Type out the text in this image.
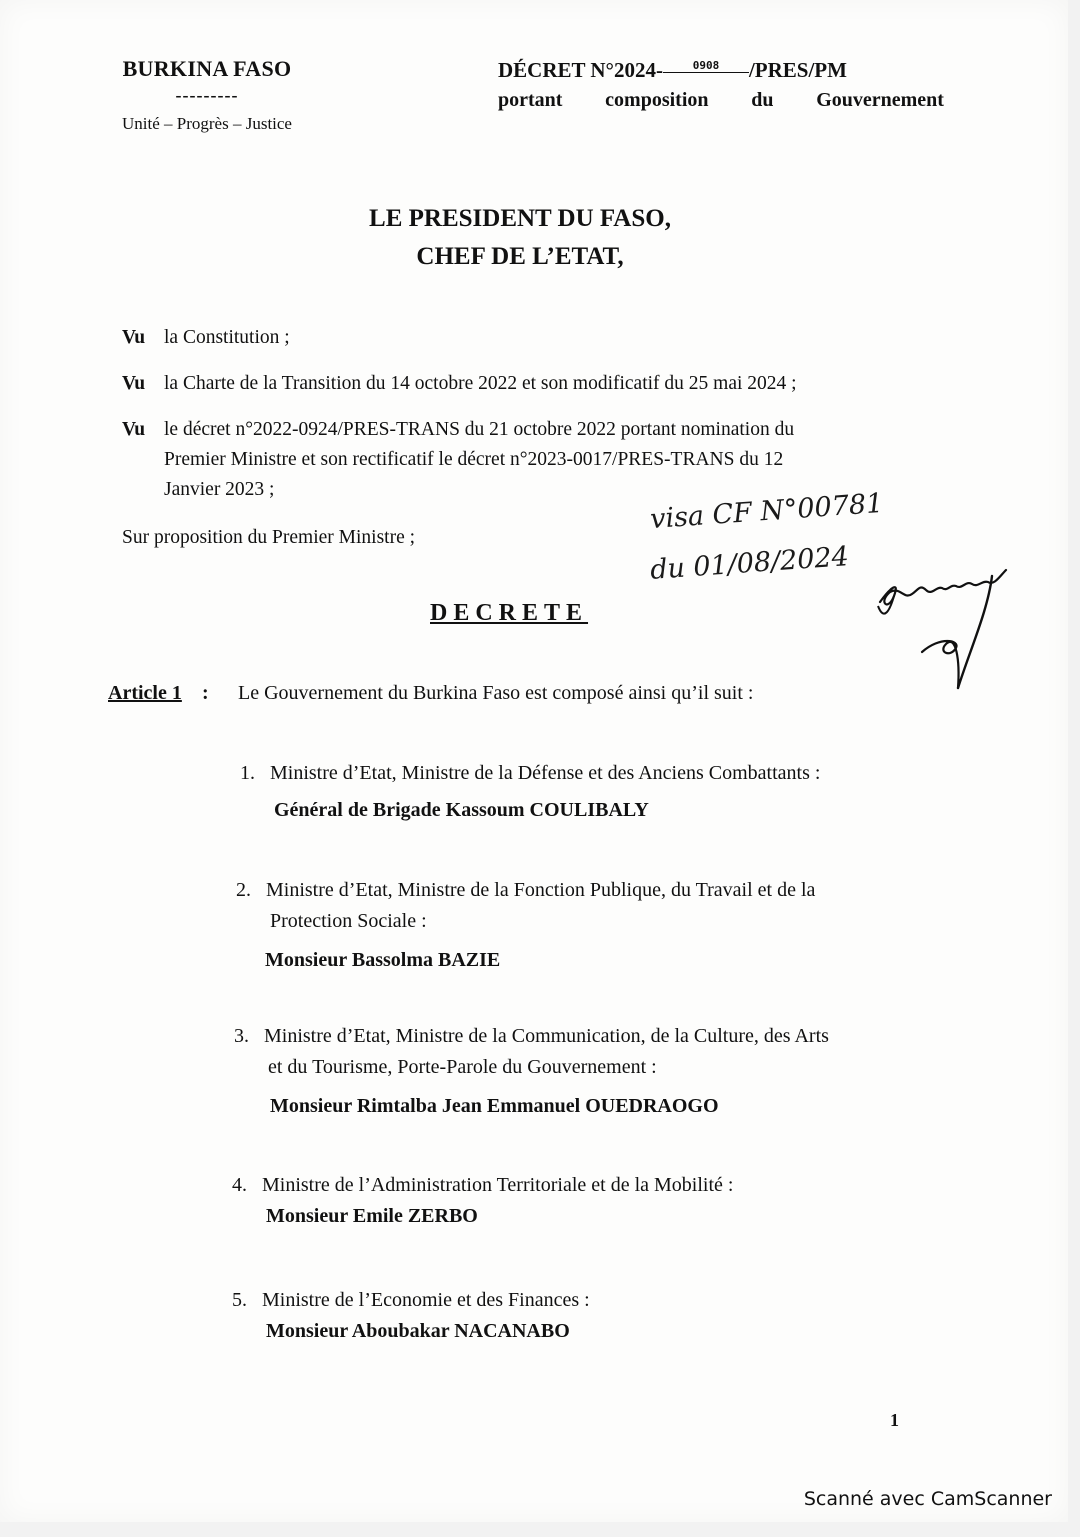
BURKINA FASO
---------
Unité – Progrès – Justice
DÉCRET N°2024-	0908 /PRES/PM
portant composition du Gouvernement
LE PRESIDENT DU FASO,
CHEF DE L’ETAT,
Vu la Constitution ;
Vu la Charte de la Transition du 14 octobre 2022 et son modificatif du 25 mai 2024 ;
Vu le décret n°2022-0924/PRES-TRANS du 21 octobre 2022 portant nomination du
Premier Ministre et son rectificatif le décret n°2023-0017/PRES-TRANS du 12
Janvier 2023 ;
Sur proposition du Premier Ministre ;
visa CF N°00781
du 01/08/2024
DECRETE
Article 1 : Le Gouvernement du Burkina Faso est composé ainsi qu’il suit :
1. Ministre d’Etat, Ministre de la Défense et des Anciens Combattants :
Général de Brigade Kassoum COULIBALY
2. Ministre d’Etat, Ministre de la Fonction Publique, du Travail et de la
Protection Sociale :
Monsieur Bassolma BAZIE
3. Ministre d’Etat, Ministre de la Communication, de la Culture, des Arts
et du Tourisme, Porte-Parole du Gouvernement :
Monsieur Rimtalba Jean Emmanuel OUEDRAOGO
4. Ministre de l’Administration Territoriale et de la Mobilité :
Monsieur Emile ZERBO
5. Ministre de l’Economie et des Finances :
Monsieur Aboubakar NACANABO
1
Scanné avec CamScanner
